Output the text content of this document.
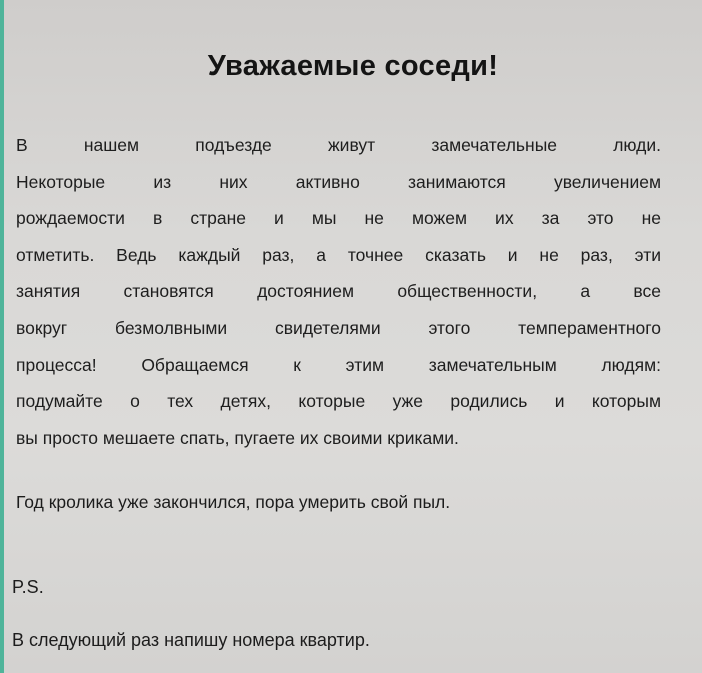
Уважаемые соседи!
В нашем подъезде живут замечательные люди.
Некоторые из них активно занимаются увеличением
рождаемости в стране и мы не можем их за это не
отметить. Ведь каждый раз, а точнее сказать и не раз, эти
занятия становятся достоянием общественности, а все
вокруг безмолвными свидетелями этого темпераментного
процесса! Обращаемся к этим замечательным людям:
подумайте о тех детях, которые уже родились и которым
вы просто мешаете спать, пугаете их своими криками.
Год кролика уже закончился, пора умерить свой пыл.
P.S.
В следующий раз напишу номера квартир.
